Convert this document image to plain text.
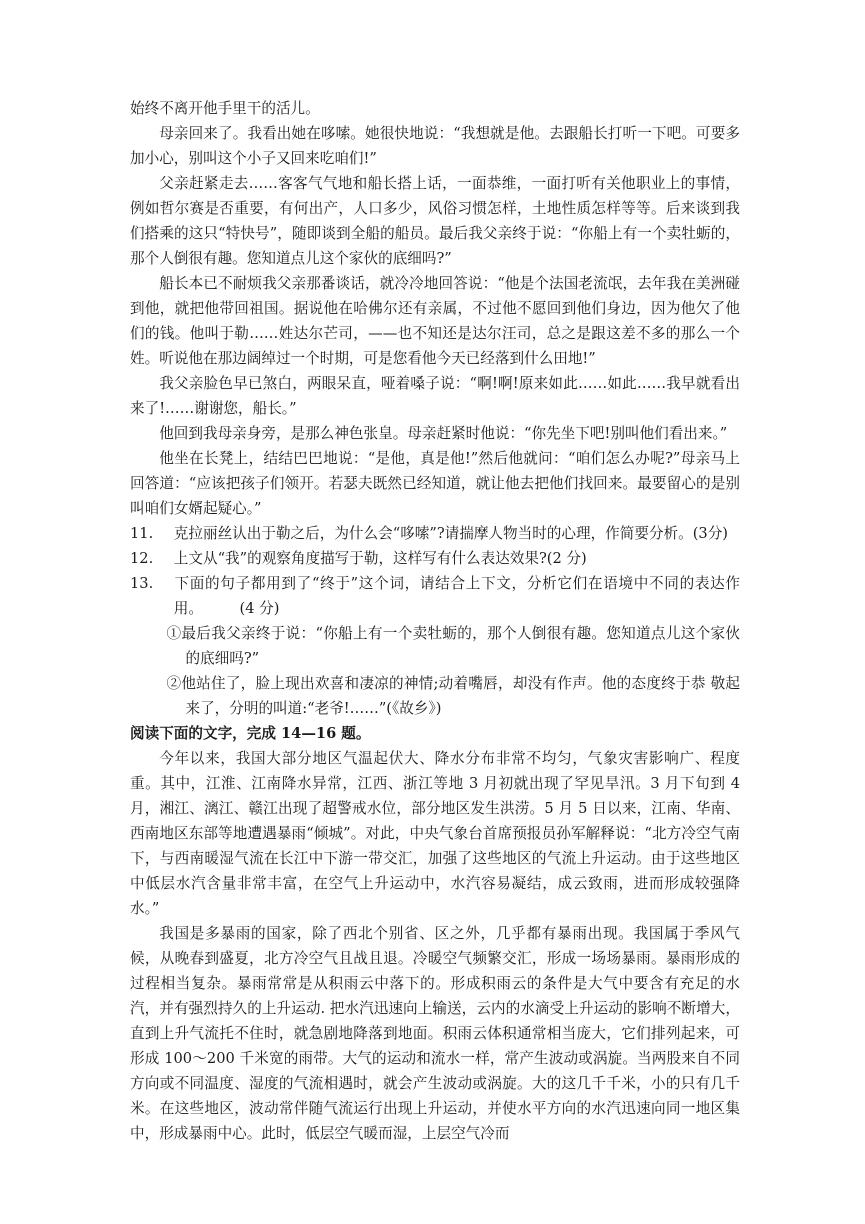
始终不离开他手里干的活儿。

母亲回来了。我看出她在哆嗦。她很快地说：“我想就是他。去跟船长打听一下吧。可要多加小心，别叫这个小子又回来吃咱们!”

父亲赶紧走去……客客气气地和船长搭上话，一面恭维，一面打听有关他职业上的事情，例如哲尔赛是否重要，有何出产，人口多少，风俗习惯怎样，土地性质怎样等等。后来谈到我们搭乘的这只“特快号”，随即谈到全船的船员。最后我父亲终于说：“你船上有一个卖牡蛎的，那个人倒很有趣。您知道点儿这个家伙的底细吗?”

船长本已不耐烦我父亲那番谈话，就冷冷地回答说：“他是个法国老流氓，去年我在美洲碰到他，就把他带回祖国。据说他在哈佛尔还有亲属，不过他不愿回到他们身边，因为他欠了他们的钱。他叫于勒……姓达尔芒司，——也不知还是达尔汪司，总之是跟这差不多的那么一个姓。听说他在那边阔绰过一个时期，可是您看他今天已经落到什么田地!”

我父亲脸色早已煞白，两眼呆直，哑着嗓子说：“啊!啊!原来如此……如此……我早就看出来了!……谢谢您，船长。”

他回到我母亲身旁，是那么神色张皇。母亲赶紧时他说：“你先坐下吧!别叫他们看出来。”

他坐在长凳上，结结巴巴地说：“是他，真是他!”然后他就问：“咱们怎么办呢?”母亲马上回答道：“应该把孩子们领开。若瑟夫既然已经知道，就让他去把他们找回来。最要留心的是别叫咱们女婿起疑心。”

11. 克拉丽丝认出于勒之后，为什么会“哆嗦”?请揣摩人物当时的心理，作简要分析。(3分)

12. 上文从“我”的观察角度描写于勒，这样写有什么表达效果?(2 分)

13. 下面的句子都用到了“终于”这个词，请结合上下文，分析它们在语境中不同的表达作用。	(4 分)

①最后我父亲终于说：“你船上有一个卖牡蛎的，那个人倒很有趣。您知道点儿这个家伙的底细吗?”

②他站住了，脸上现出欢喜和凄凉的神情;动着嘴唇，却没有作声。他的态度终于恭 敬起来了，分明的叫道:“老爷!……”(《故乡》)

阅读下面的文字，完成 14—16 题。

今年以来，我国大部分地区气温起伏大、降水分布非常不均匀，气象灾害影响广、程度重。其中，江淮、江南降水异常，江西、浙江等地 3 月初就出现了罕见旱汛。3 月下旬到 4 月，湘江、漓江、赣江出现了超警戒水位，部分地区发生洪涝。5 月 5 日以来，江南、华南、西南地区东部等地遭遇暴雨“倾城”。对此，中央气象台首席预报员孙军解释说：“北方冷空气南下，与西南暖湿气流在长江中下游一带交汇，加强了这些地区的气流上升运动。由于这些地区中低层水汽含量非常丰富，在空气上升运动中，水汽容易凝结，成云致雨，进而形成较强降水。”

我国是多暴雨的国家，除了西北个别省、区之外，几乎都有暴雨出现。我国属于季风气候，从晚春到盛夏，北方冷空气且战且退。冷暖空气频繁交汇，形成一场场暴雨。暴雨形成的过程相当复杂。暴雨常常是从积雨云中落下的。形成积雨云的条件是大气中要含有充足的水汽，并有强烈持久的上升运动. 把水汽迅速向上输送，云内的水滴受上升运动的影响不断增大，直到上升气流托不住时，就急剧地降落到地面。积雨云体积通常相当庞大，它们排列起来，可形成 100～200 千米宽的雨带。大气的运动和流水一样，常产生波动或涡旋。当两股来自不同方向或不同温度、湿度的气流相遇时，就会产生波动或涡旋。大的这几千千米，小的只有几千米。在这些地区，波动常伴随气流运行出现上升运动，并使水平方向的水汽迅速向同一地区集中，形成暴雨中心。此时，低层空气暖而湿，上层空气冷而
